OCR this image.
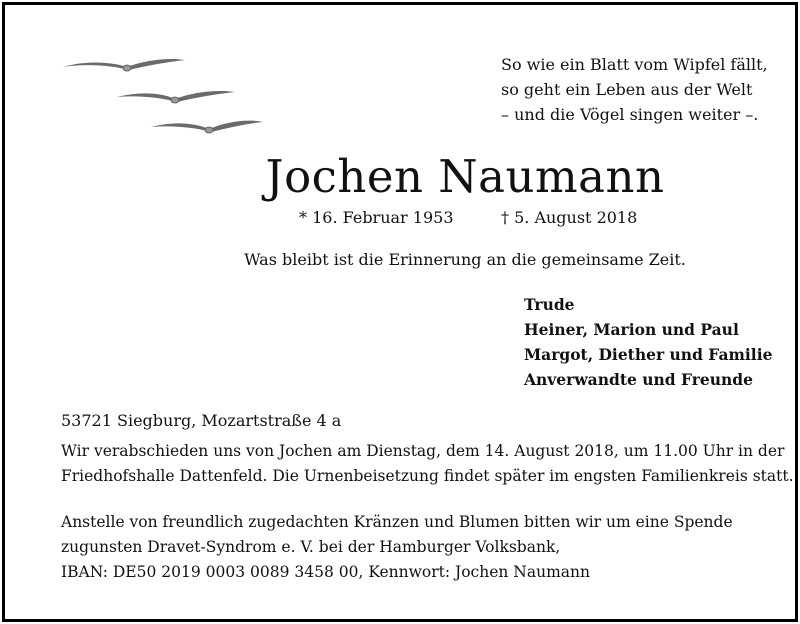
So wie ein Blatt vom Wipfel fällt,
so geht ein Leben aus der Welt
– und die Vögel singen weiter –.
Jochen Naumann
* 16. Februar 1953	† 5. August 2018
Was bleibt ist die Erinnerung an die gemeinsame Zeit.
Trude
Heiner, Marion und Paul
Margot, Diether und Familie
Anverwandte und Freunde
53721 Siegburg, Mozartstraße 4 a
Wir verabschieden uns von Jochen am Dienstag, dem 14. August 2018, um 11.00 Uhr in der
Friedhofshalle Dattenfeld. Die Urnenbeisetzung findet später im engsten Familienkreis statt.
Anstelle von freundlich zugedachten Kränzen und Blumen bitten wir um eine Spende
zugunsten Dravet-Syndrom e. V. bei der Hamburger Volksbank,
IBAN: DE50 2019 0003 0089 3458 00, Kennwort: Jochen Naumann
